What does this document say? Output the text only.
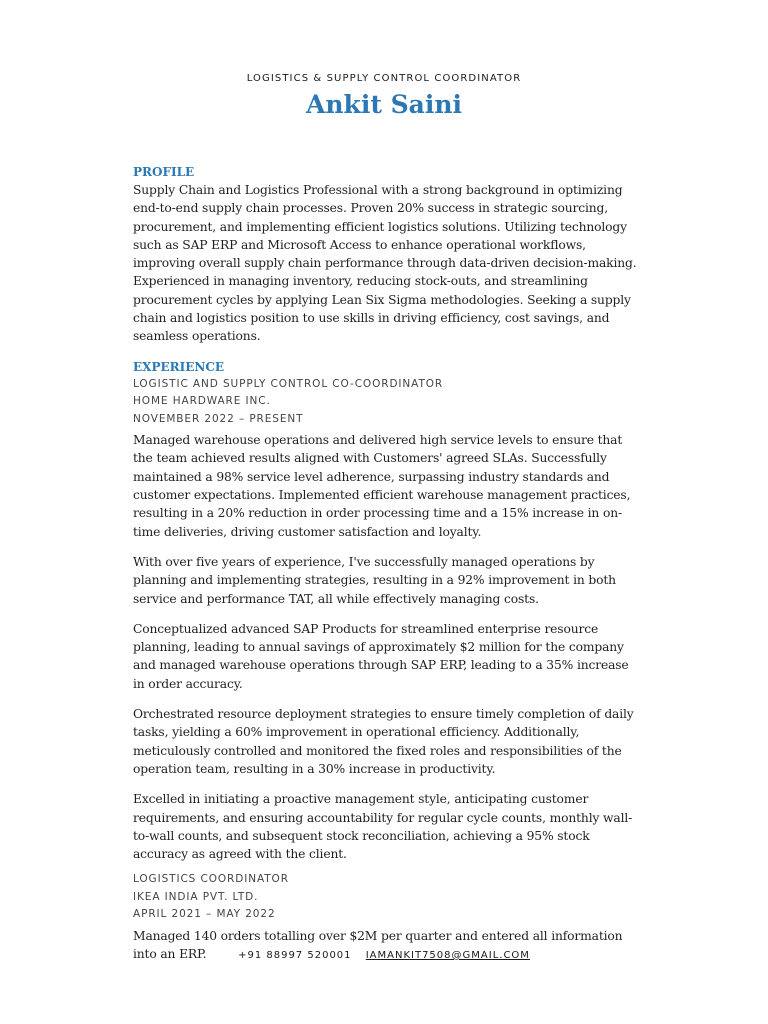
LOGISTICS & SUPPLY CONTROL COORDINATOR
Ankit Saini
PROFILE

Supply Chain and Logistics Professional with a strong background in optimizing end-to-end supply chain processes. Proven 20% success in strategic sourcing, procurement, and implementing efficient logistics solutions. Utilizing technology such as SAP ERP and Microsoft Access to enhance operational workflows, improving overall supply chain performance through data-driven decision-making. Experienced in managing inventory, reducing stock-outs, and streamlining procurement cycles by applying Lean Six Sigma methodologies. Seeking a supply chain and logistics position to use skills in driving efficiency, cost savings, and seamless operations.

EXPERIENCE
LOGISTIC AND SUPPLY CONTROL CO-COORDINATOR
HOME HARDWARE INC.
NOVEMBER 2022 – PRESENT

Managed warehouse operations and delivered high service levels to ensure that the team achieved results aligned with Customers' agreed SLAs. Successfully maintained a 98% service level adherence, surpassing industry standards and customer expectations. Implemented efficient warehouse management practices, resulting in a 20% reduction in order processing time and a 15% increase in on-time deliveries, driving customer satisfaction and loyalty.

With over five years of experience, I've successfully managed operations by planning and implementing strategies, resulting in a 92% improvement in both service and performance TAT, all while effectively managing costs.

Conceptualized advanced SAP Products for streamlined enterprise resource planning, leading to annual savings of approximately $2 million for the company and managed warehouse operations through SAP ERP, leading to a 35% increase in order accuracy.

Orchestrated resource deployment strategies to ensure timely completion of daily tasks, yielding a 60% improvement in operational efficiency. Additionally, meticulously controlled and monitored the fixed roles and responsibilities of the operation team, resulting in a 30% increase in productivity.

Excelled in initiating a proactive management style, anticipating customer requirements, and ensuring accountability for regular cycle counts, monthly wall-to-wall counts, and subsequent stock reconciliation, achieving a 95% stock accuracy as agreed with the client.

LOGISTICS COORDINATOR
IKEA INDIA PVT. LTD.
APRIL 2021 – MAY 2022

Managed 140 orders totalling over $2M per quarter and entered all information into an ERP.	+91 88997 520001 IAMANKIT7508@GMAIL.COM
